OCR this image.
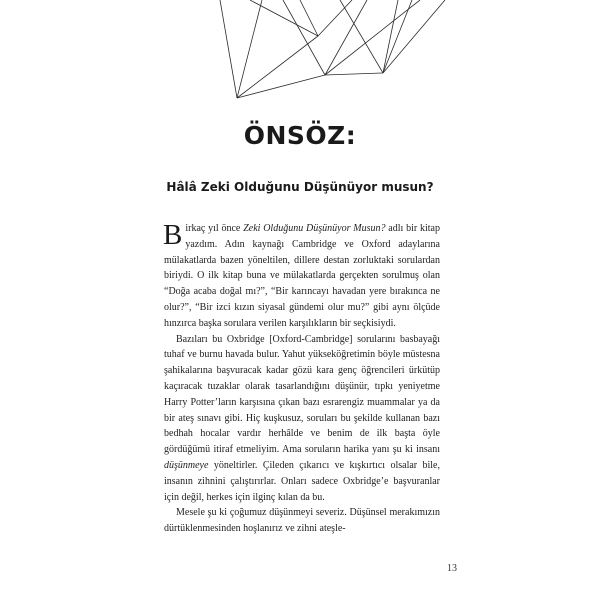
ÖNSÖZ:
Hâlâ Zeki Olduğunu Düşünüyor musun?

Birkaç yıl önce Zeki Olduğunu Düşünüyor Musun? adlı bir kitap yazdım. Adın kaynağı Cambridge ve Oxford adaylarına mülakatlarda bazen yöneltilen, dillere destan zorluktaki sorulardan biriydi. O ilk kitap buna ve mülakatlarda gerçekten sorulmuş olan “Doğa acaba doğal mı?”, “Bir karıncayı havadan yere bırakınca ne olur?”, “Bir izci kızın siyasal gündemi olur mu?” gibi aynı ölçüde hınzırca başka sorulara verilen karşılıkların bir seçkisiydi.

Bazıları bu Oxbridge [Oxford-Cambridge] sorularını basbayağı tuhaf ve burnu havada bulur. Yahut yükseköğretimin böyle müstesna şahikalarına başvuracak kadar gözü kara genç öğrencileri ürkütüp kaçıracak tuzaklar olarak tasarlandığını düşünür, tıpkı yeniyetme Harry Potter’ların karşısına çıkan bazı esrarengiz muammalar ya da bir ateş sınavı gibi. Hiç kuşkusuz, soruları bu şekilde kullanan bazı bedhah hocalar vardır herhâlde ve benim de ilk başta öyle gördüğümü itiraf etmeliyim. Ama soruların harika yanı şu ki insanı düşünmeye yöneltirler. Çileden çıkarıcı ve kışkırtıcı olsalar bile, insanın zihnini çalıştırırlar. Onları sadece Oxbridge’e başvuranlar için değil, herkes için ilginç kılan da bu.

Mesele şu ki çoğumuz düşünmeyi severiz. Düşünsel merakımızın dürtüklenmesinden hoşlanırız ve zihni ateşle-

13
